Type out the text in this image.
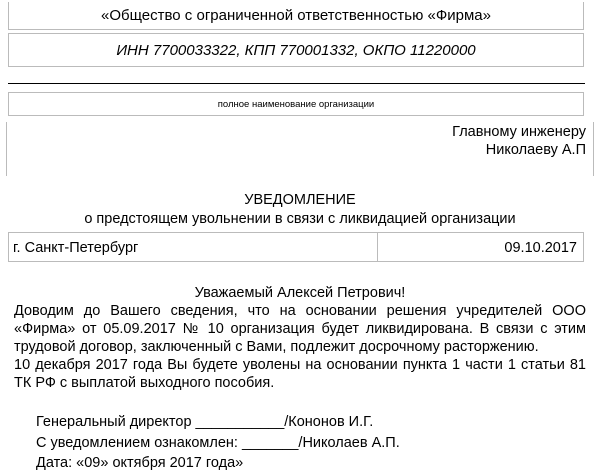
«Общество с ограниченной ответственностью «Фирма»
ИНН 7700033322, КПП 770001332, ОКПО 11220000
полное наименование организации
Главному инженеру
Николаеву А.П
УВЕДОМЛЕНИЕ
о предстоящем увольнении в связи с ликвидацией организации
г. Санкт-Петербург	09.10.2017
Уважаемый Алексей Петрович!
Доводим до Вашего сведения, что на основании решения учредителей ООО «Фирма» от 05.09.2017 № 10 организация будет ликвидирована. В связи с этим трудовой договор, заключенный с Вами, подлежит досрочному расторжению.
10 декабря 2017 года Вы будете уволены на основании пункта 1 части 1 статьи 81 ТК РФ с выплатой выходного пособия.
Генеральный директор ___________/Кононов И.Г.
С уведомлением ознакомлен: _______/Николаев А.П.
Дата: «09» октября 2017 года»
